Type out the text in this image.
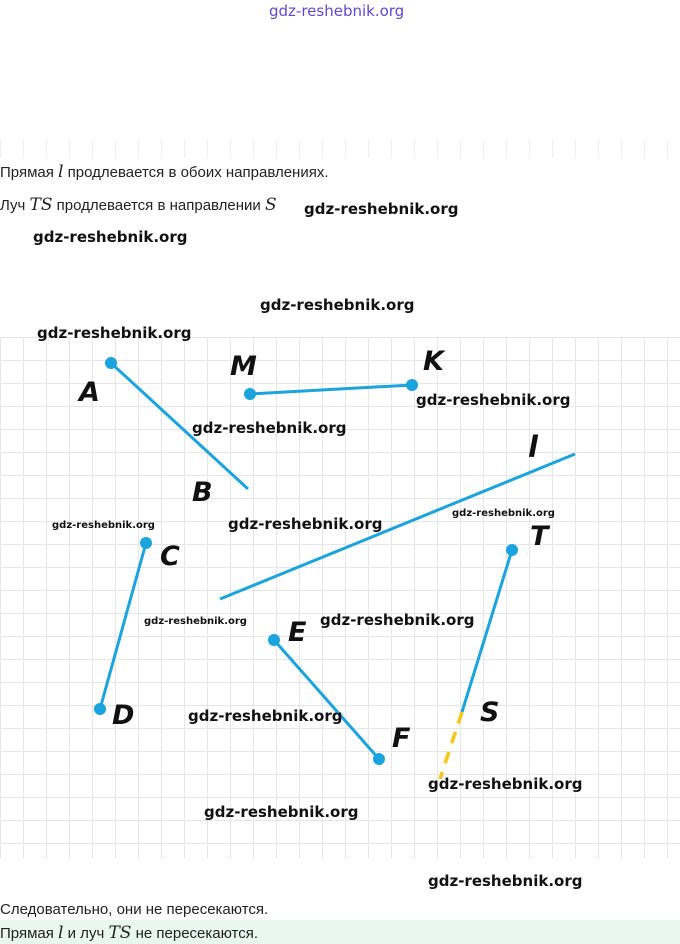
gdz-reshebnik.org
Прямая l продлевается в обоих направлениях.
Луч TS продлевается в направлении S gdz-reshebnik.org
gdz-reshebnik.org
gdz-reshebnik.org
A
B
M	K
l
C
D
E
F
T
S
gdz-reshebnik.org
gdz-reshebnik.org
gdz-reshebnik.org
gdz-reshebnik.org
gdz-reshebnik.org	gdz-reshebnik.org
gdz-reshebnik.org	gdz-reshebnik.org
gdz-reshebnik.org
gdz-reshebnik.org
gdz-reshebnik.org
gdz-reshebnik.org
Следовательно, они не пересекаются.
Прямая l и луч TS не пересекаются.
